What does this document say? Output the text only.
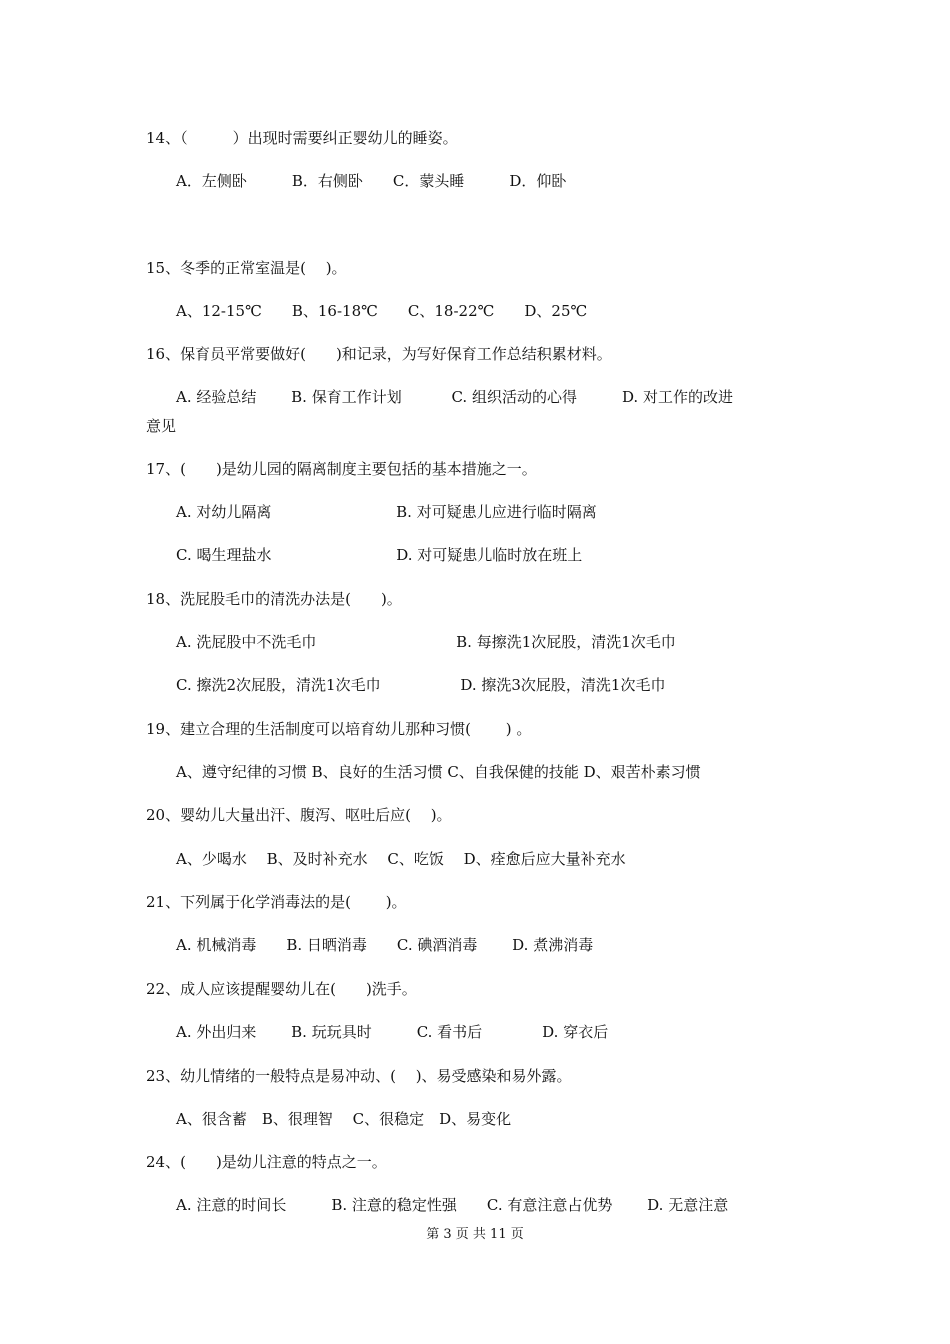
14、（　　　）出现时需要纠正婴幼儿的睡姿。
A．左侧卧　　　B．右侧卧　　C．蒙头睡　　　D．仰卧
15、冬季的正常室温是(　 )。
A、12-15℃　　B、16-18℃　　C、18-22℃　　D、25℃
16、保育员平常要做好(　　)和记录，为写好保育工作总结积累材料。
A. 经验总结　　 B. 保育工作计划　　　 C. 组织活动的心得　　　D. 对工作的改进
意见
17、(　　)是幼儿园的隔离制度主要包括的基本措施之一。
A. 对幼儿隔离　　　　　　　　 B. 对可疑患儿应进行临时隔离
C. 喝生理盐水　　　　　　　　 D. 对可疑患儿临时放在班上
18、洗屁股毛巾的清洗办法是(　　)。
A. 洗屁股中不洗毛巾　　　　　　　　　 B. 每擦洗1次屁股，清洗1次毛巾
C. 擦洗2次屁股，清洗1次毛巾　　　　　 D. 擦洗3次屁股，清洗1次毛巾
19、建立合理的生活制度可以培育幼儿那种习惯(　　 ) 。
A、遵守纪律的习惯 B、良好的生活习惯 C、自我保健的技能 D、艰苦朴素习惯
20、婴幼儿大量出汗、腹泻、呕吐后应(　 )。
A、少喝水　 B、及时补充水　 C、吃饭　 D、痊愈后应大量补充水
21、下列属于化学消毒法的是(　　 )。
A. 机械消毒　　B. 日晒消毒　　C. 碘酒消毒　　 D. 煮沸消毒
22、成人应该提醒婴幼儿在(　　)洗手。
A. 外出归来　　 B. 玩玩具时　　　C. 看书后　　　　D. 穿衣后
23、幼儿情绪的一般特点是易冲动、(　 )、易受感染和易外露。
A、很含蓄　B、很理智　 C、很稳定　D、易变化
24、(　　)是幼儿注意的特点之一。
A. 注意的时间长　　　B. 注意的稳定性强　　C. 有意注意占优势　　 D. 无意注意
第 3 页 共 11 页
